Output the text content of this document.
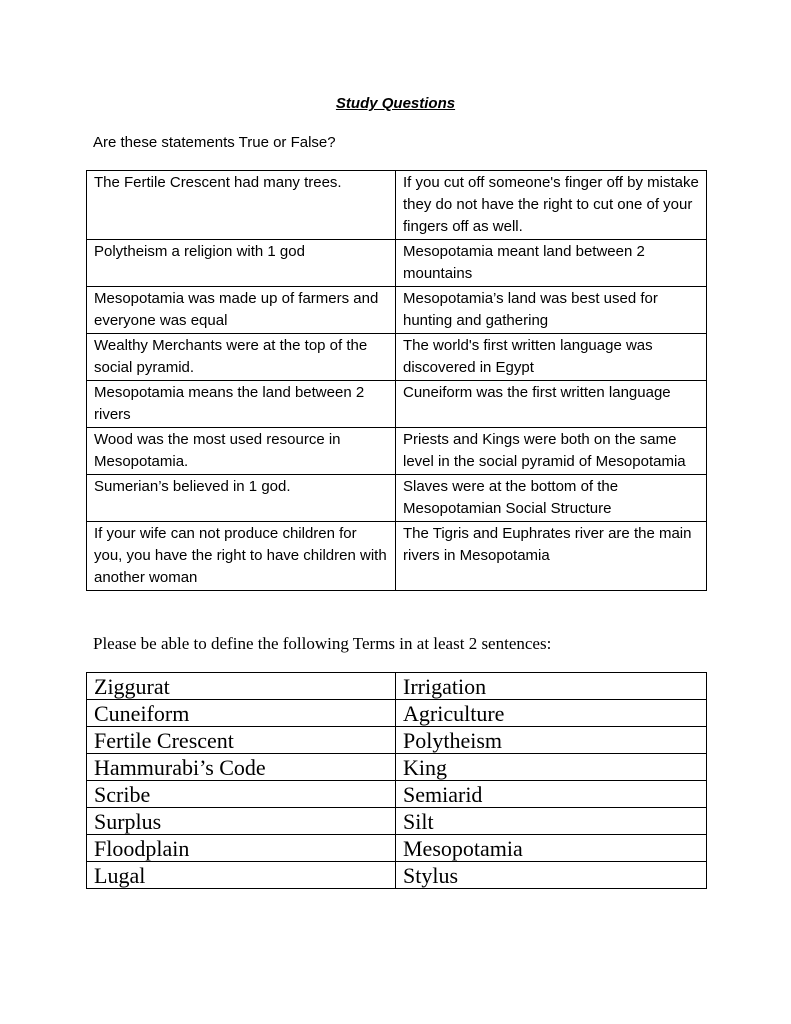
Study Questions
Are these statements True or False?
The Fertile Crescent had many trees.	If you cut off someone's finger off by mistake they do not have the right to cut one of your fingers off as well.
Polytheism a religion with 1 god	Mesopotamia meant land between 2 mountains
Mesopotamia was made up of farmers and everyone was equal	Mesopotamia’s land was best used for hunting and gathering
Wealthy Merchants were at the top of the social pyramid.	The world's first written language was discovered in Egypt
Mesopotamia means the land between 2 rivers	Cuneiform was the first written language
Wood was the most used resource in Mesopotamia.	Priests and Kings were both on the same level in the social pyramid of Mesopotamia
Sumerian’s believed in 1 god.	Slaves were at the bottom of the Mesopotamian Social Structure
If your wife can not produce children for you, you have the right to have children with another woman	The Tigris and Euphrates river are the main rivers in Mesopotamia
Please be able to define the following Terms in at least 2 sentences:
Ziggurat	Irrigation
Cuneiform	Agriculture
Fertile Crescent	Polytheism
Hammurabi’s Code	King
Scribe	Semiarid
Surplus	Silt
Floodplain	Mesopotamia
Lugal	Stylus
